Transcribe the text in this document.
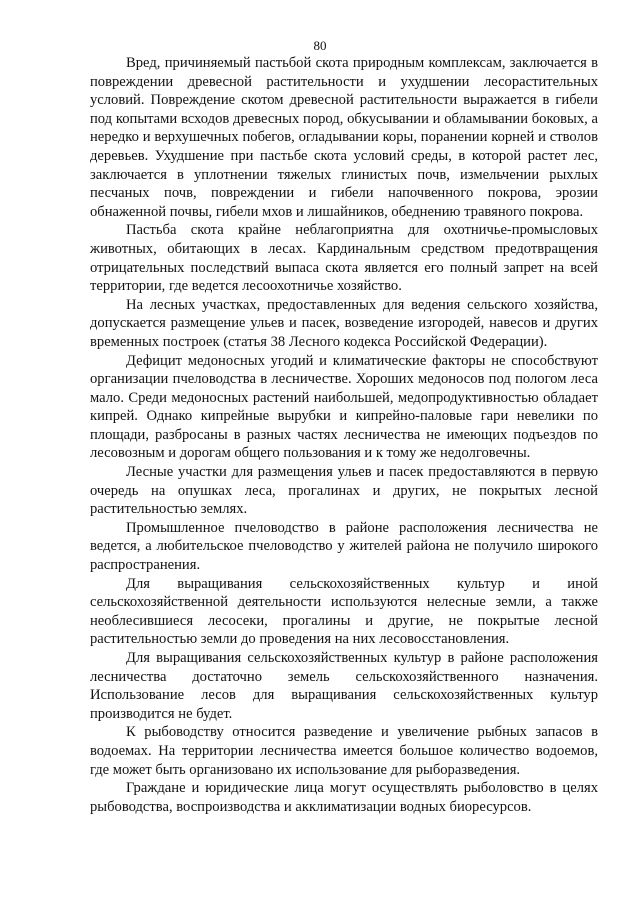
80

Вред, причиняемый пастьбой скота природным комплексам, заключается в повреждении древесной растительности и ухудшении лесорастительных условий. Повреждение скотом древесной растительности выражается в гибели под копытами всходов древесных пород, обкусывании и обламывании боковых, а нередко и верхушечных побегов, огладывании коры, поранении корней и стволов деревьев. Ухудшение при пастьбе скота условий среды, в которой растет лес, заключается в уплотнении тяжелых глинистых почв, измельчении рыхлых песчаных почв, повреждении и гибели напочвенного покрова, эрозии обнаженной почвы, гибели мхов и лишайников, обеднению травяного покрова.

Пастьба скота крайне неблагоприятна для охотничье-промысловых животных, обитающих в лесах. Кардинальным средством предотвращения отрицательных последствий выпаса скота является его полный запрет на всей территории, где ведется лесоохотничье хозяйство.

На лесных участках, предоставленных для ведения сельского хозяйства, допускается размещение ульев и пасек, возведение изгородей, навесов и других временных построек (статья 38 Лесного кодекса Российской Федерации).

Дефицит медоносных угодий и климатические факторы не способствуют организации пчеловодства в лесничестве. Хороших медоносов под пологом леса мало. Среди медоносных растений наибольшей, медопродуктивностью обладает кипрей. Однако кипрейные вырубки и кипрейно-паловые гари невелики по площади, разбросаны в разных частях лесничества не имеющих подъездов по лесовозным и дорогам общего пользования и к тому же недолговечны.

Лесные участки для размещения ульев и пасек предоставляются в первую очередь на опушках леса, прогалинах и других, не покрытых лесной растительностью землях.

Промышленное пчеловодство в районе расположения лесничества не ведется, а любительское пчеловодство у жителей района не получило широкого распространения.

Для выращивания сельскохозяйственных культур и иной сельскохозяйственной деятельности используются нелесные земли, а также необлесившиеся лесосеки, прогалины и другие, не покрытые лесной растительностью земли до проведения на них лесовосстановления.

Для выращивания сельскохозяйственных культур в районе расположения лесничества достаточно земель сельскохозяйственного назначения. Использование лесов для выращивания сельскохозяйственных культур производится не будет.

К рыбоводству относится разведение и увеличение рыбных запасов в водоемах. На территории лесничества имеется большое количество водоемов, где может быть организовано их использование для рыборазведения.

Граждане и юридические лица могут осуществлять рыболовство в целях рыбоводства, воспроизводства и акклиматизации водных биоресурсов.
